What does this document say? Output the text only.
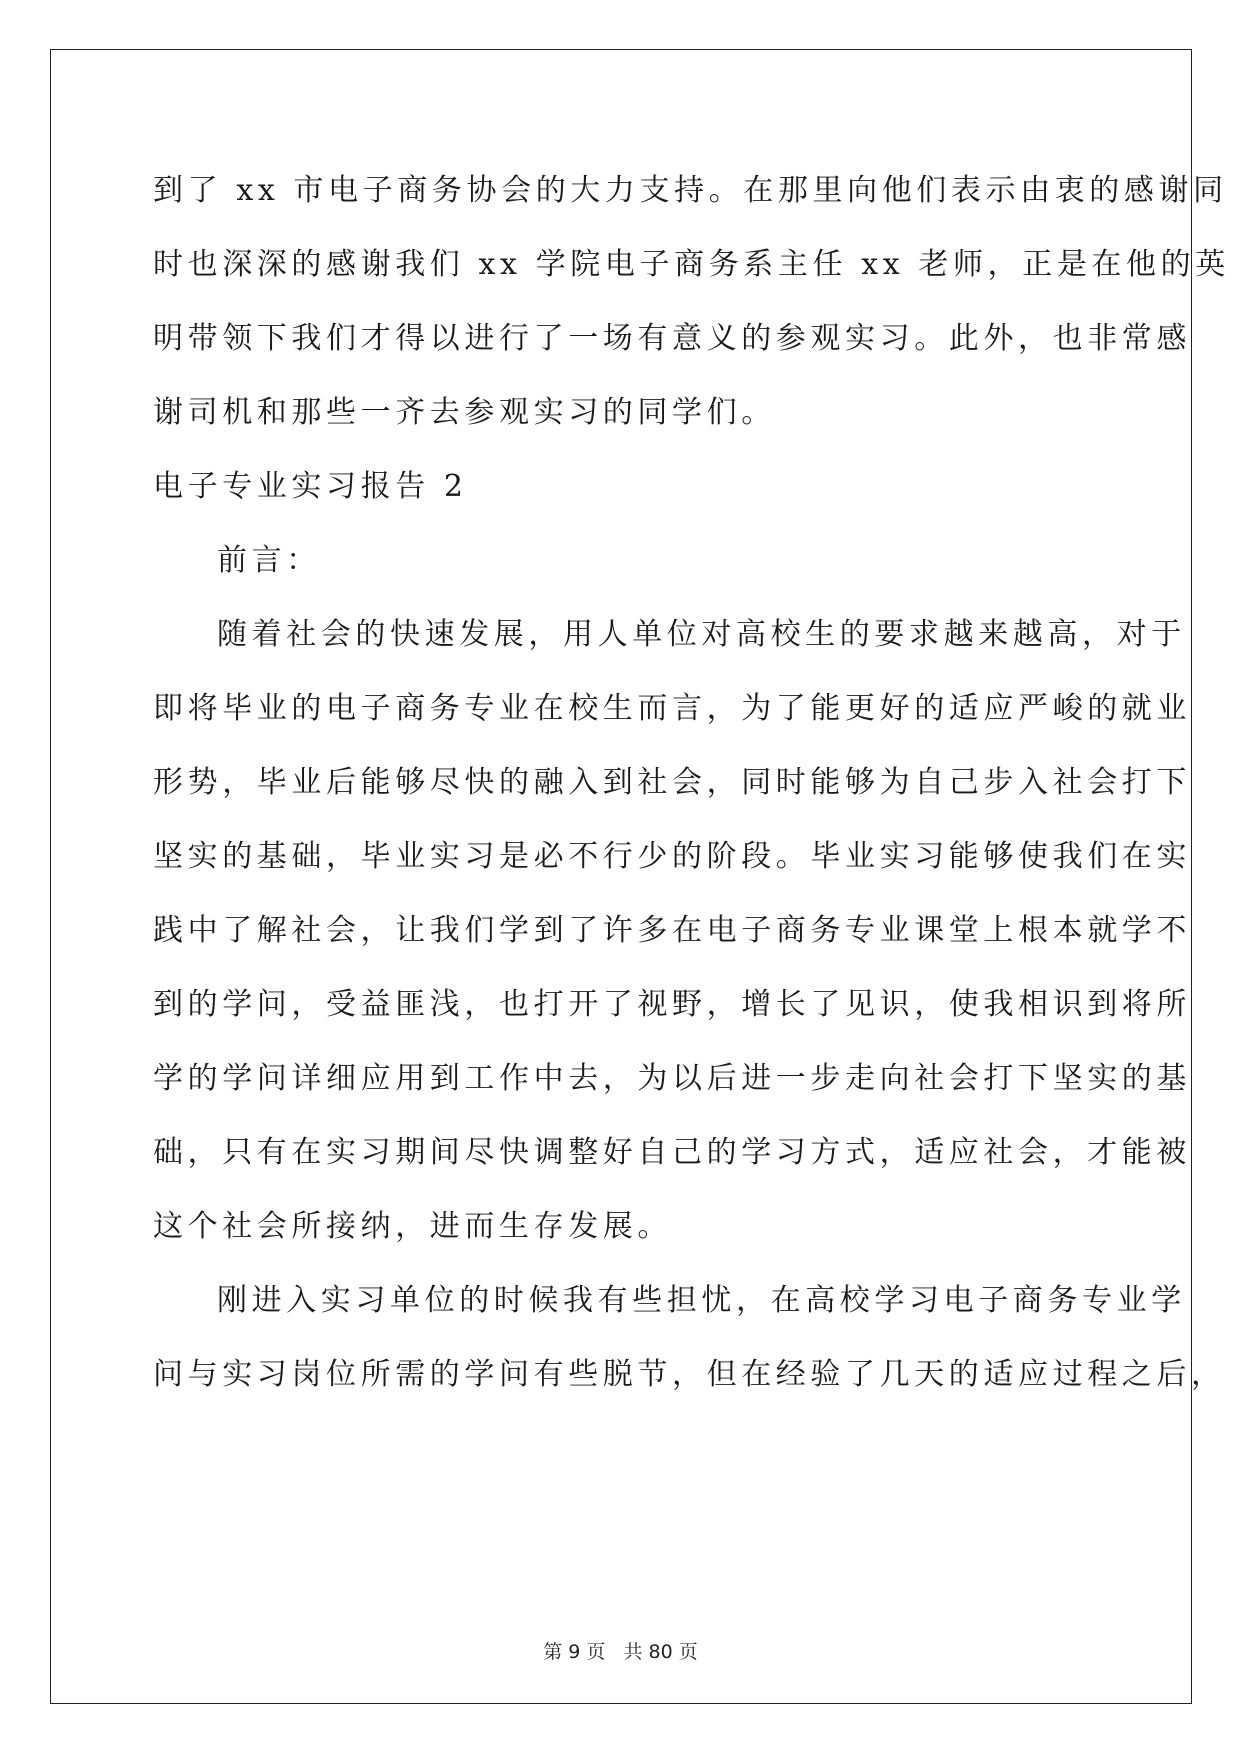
到了 xx 市电子商务协会的大力支持。在那里向他们表示由衷的感谢同
时也深深的感谢我们 xx 学院电子商务系主任 xx 老师，正是在他的英
明带领下我们才得以进行了一场有意义的参观实习。此外，也非常感
谢司机和那些一齐去参观实习的同学们。
电子专业实习报告 2
前言：
随着社会的快速发展，用人单位对高校生的要求越来越高，对于
即将毕业的电子商务专业在校生而言，为了能更好的适应严峻的就业
形势，毕业后能够尽快的融入到社会，同时能够为自己步入社会打下
坚实的基础，毕业实习是必不行少的阶段。毕业实习能够使我们在实
践中了解社会，让我们学到了许多在电子商务专业课堂上根本就学不
到的学问，受益匪浅，也打开了视野，增长了见识，使我相识到将所
学的学问详细应用到工作中去，为以后进一步走向社会打下坚实的基
础，只有在实习期间尽快调整好自己的学习方式，适应社会，才能被
这个社会所接纳，进而生存发展。
刚进入实习单位的时候我有些担忧，在高校学习电子商务专业学
问与实习岗位所需的学问有些脱节，但在经验了几天的适应过程之后，
第 9 页 共 80 页
